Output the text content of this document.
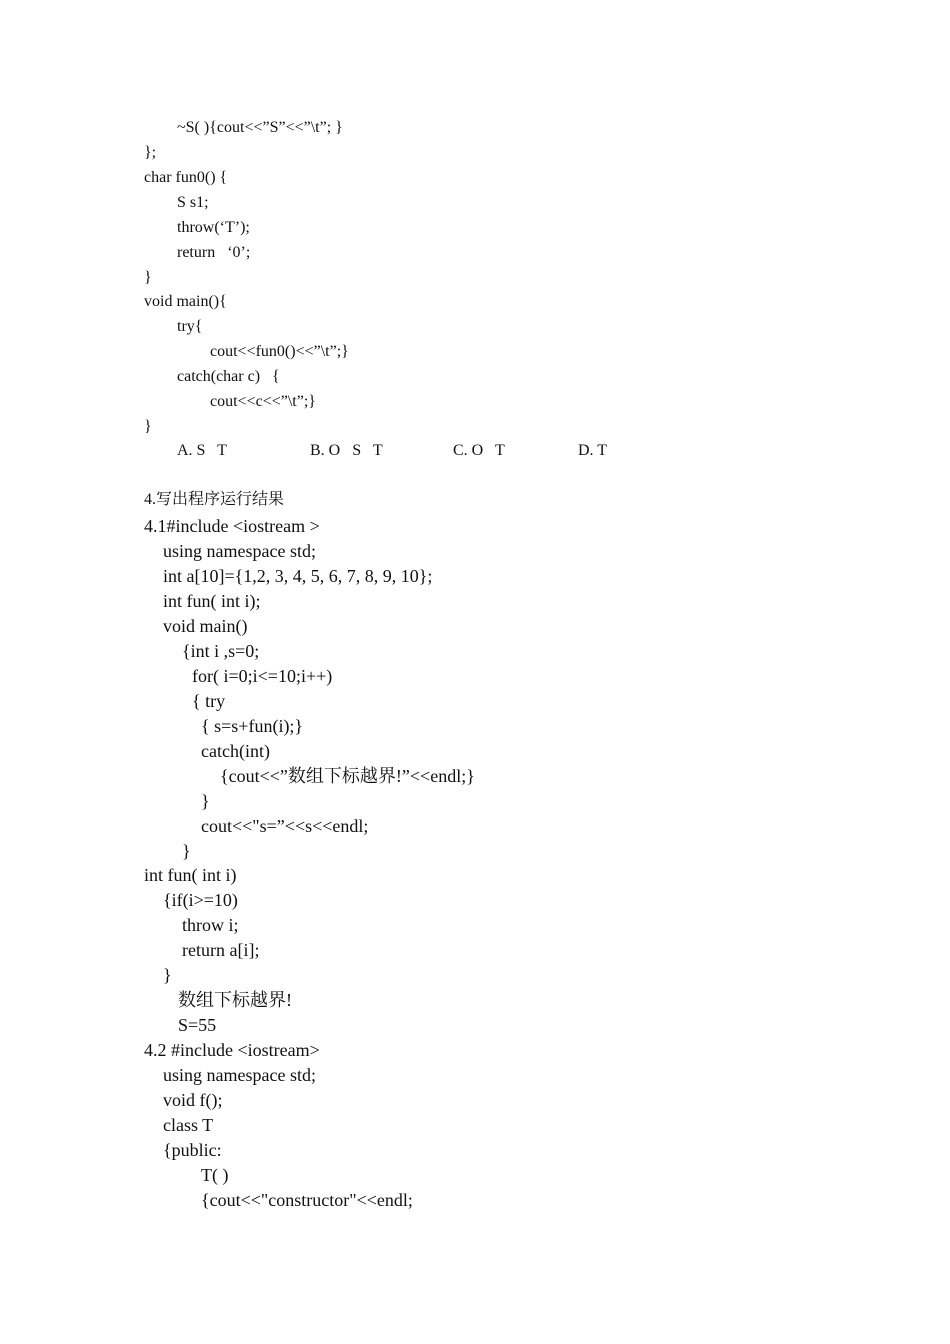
~S( ){cout<<”S”<<”\t”; }
};
char fun0() {
S s1;
throw(‘T’);
return   ‘0’;
}
void main(){
try{
cout<<fun0()<<”\t”;}
catch(char c)   {
cout<<c<<”\t”;}
}
A. S   T	B. O   S   T	C. O   T	D. T
4.写出程序运行结果
4.1#include <iostream >
using namespace std;
int a[10]={1,2, 3, 4, 5, 6, 7, 8, 9, 10};
int fun( int i);
void main()
{int i ,s=0;
for( i=0;i<=10;i++)
{ try
{ s=s+fun(i);}
catch(int)
{cout<<”数组下标越界!”<<endl;}
}
cout<<"s=”<<s<<endl;
}
int fun( int i)
{if(i>=10)
throw i;
return a[i];
}
数组下标越界!
S=55
4.2 #include <iostream>
using namespace std;
void f();
class T
{public:
T( )
{cout<<"constructor"<<endl;
